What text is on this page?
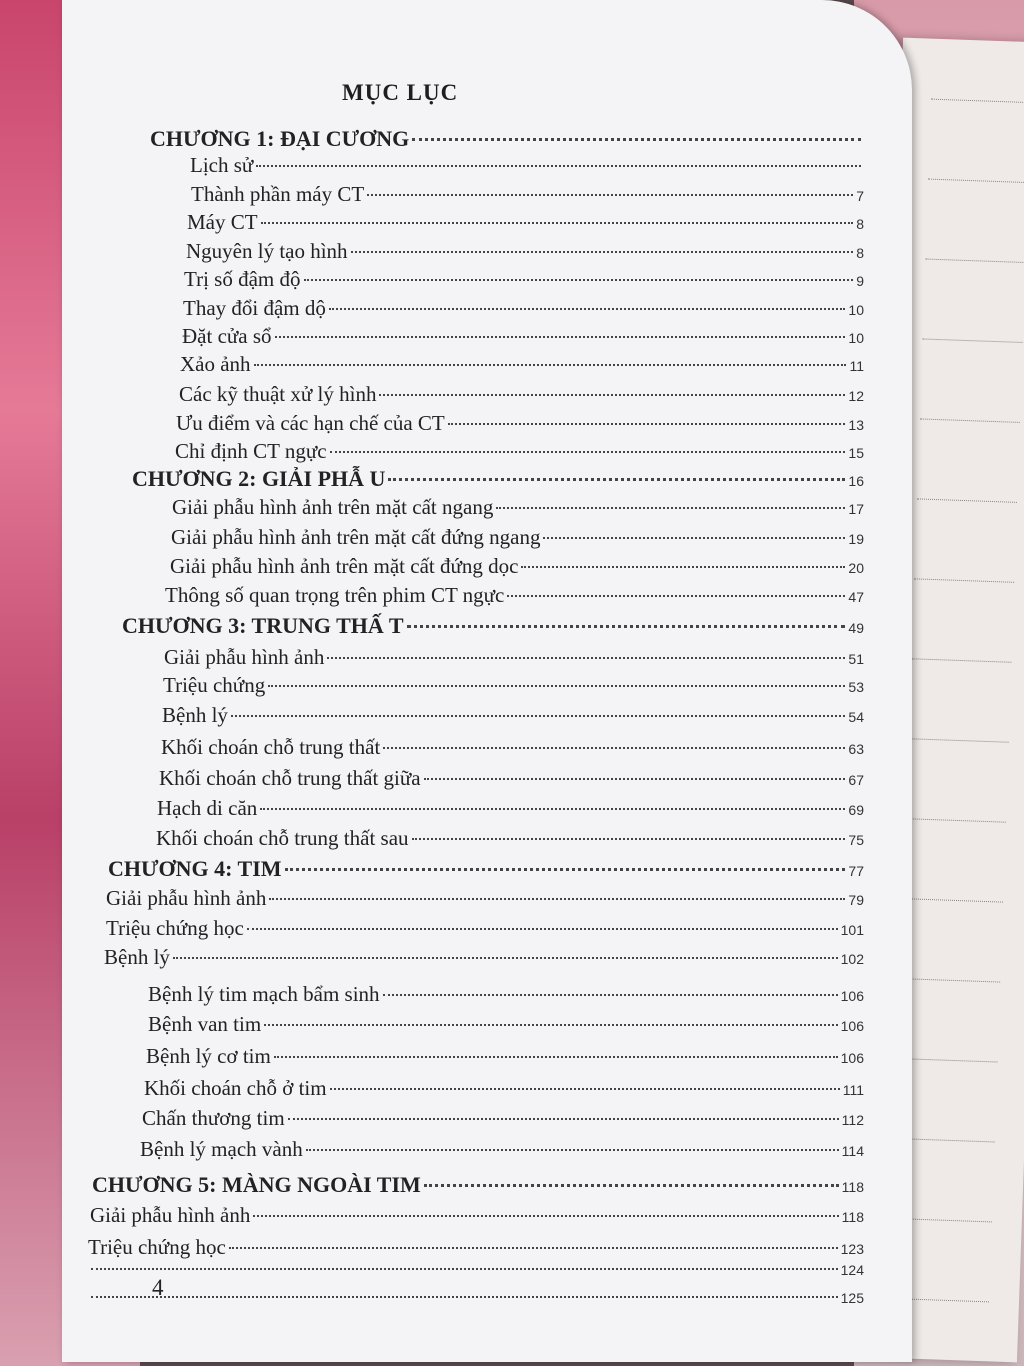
MỤC LỤC
CHƯƠNG 1: ĐẠI CƯƠNG
Lịch sử
Thành phần máy CT	7
Máy CT	8
Nguyên lý tạo hình	8
Trị số đậm độ	9
Thay đổi đậm dộ	10
Đặt cửa sổ	10
Xảo ảnh	11
Các kỹ thuật xử lý hình	12
Ưu điểm và các hạn chế của CT	13
Chỉ định CT ngực	15
CHƯƠNG 2: GIẢI PHẪ U	16
Giải phẫu hình ảnh trên mặt cất ngang	17
Giải phẫu hình ảnh trên mặt cất đứng ngang	19
Giải phẫu hình ảnh trên mặt cất đứng dọc	20
Thông số quan trọng trên phim CT ngực	47
CHƯƠNG 3: TRUNG THẤ T	49
Giải phẫu hình ảnh	51
Triệu chứng	53
Bệnh lý	54
Khối choán chỗ trung thất	63
Khối choán chỗ trung thất giữa	67
Hạch di căn	69
Khối choán chỗ trung thất sau	75
CHƯƠNG 4: TIM	77
Giải phẫu hình ảnh	79
Triệu chứng học	101
Bệnh lý	102
Bệnh lý tim mạch bẩm sinh	106
Bệnh van tim	106
Bệnh lý cơ tim	106
Khối choán chỗ ở tim	111
Chấn thương tim	112
Bệnh lý mạch vành	114
CHƯƠNG 5: MÀNG NGOÀI TIM	118
Giải phẫu hình ảnh	118
Triệu chứng học	123
124
125
4
